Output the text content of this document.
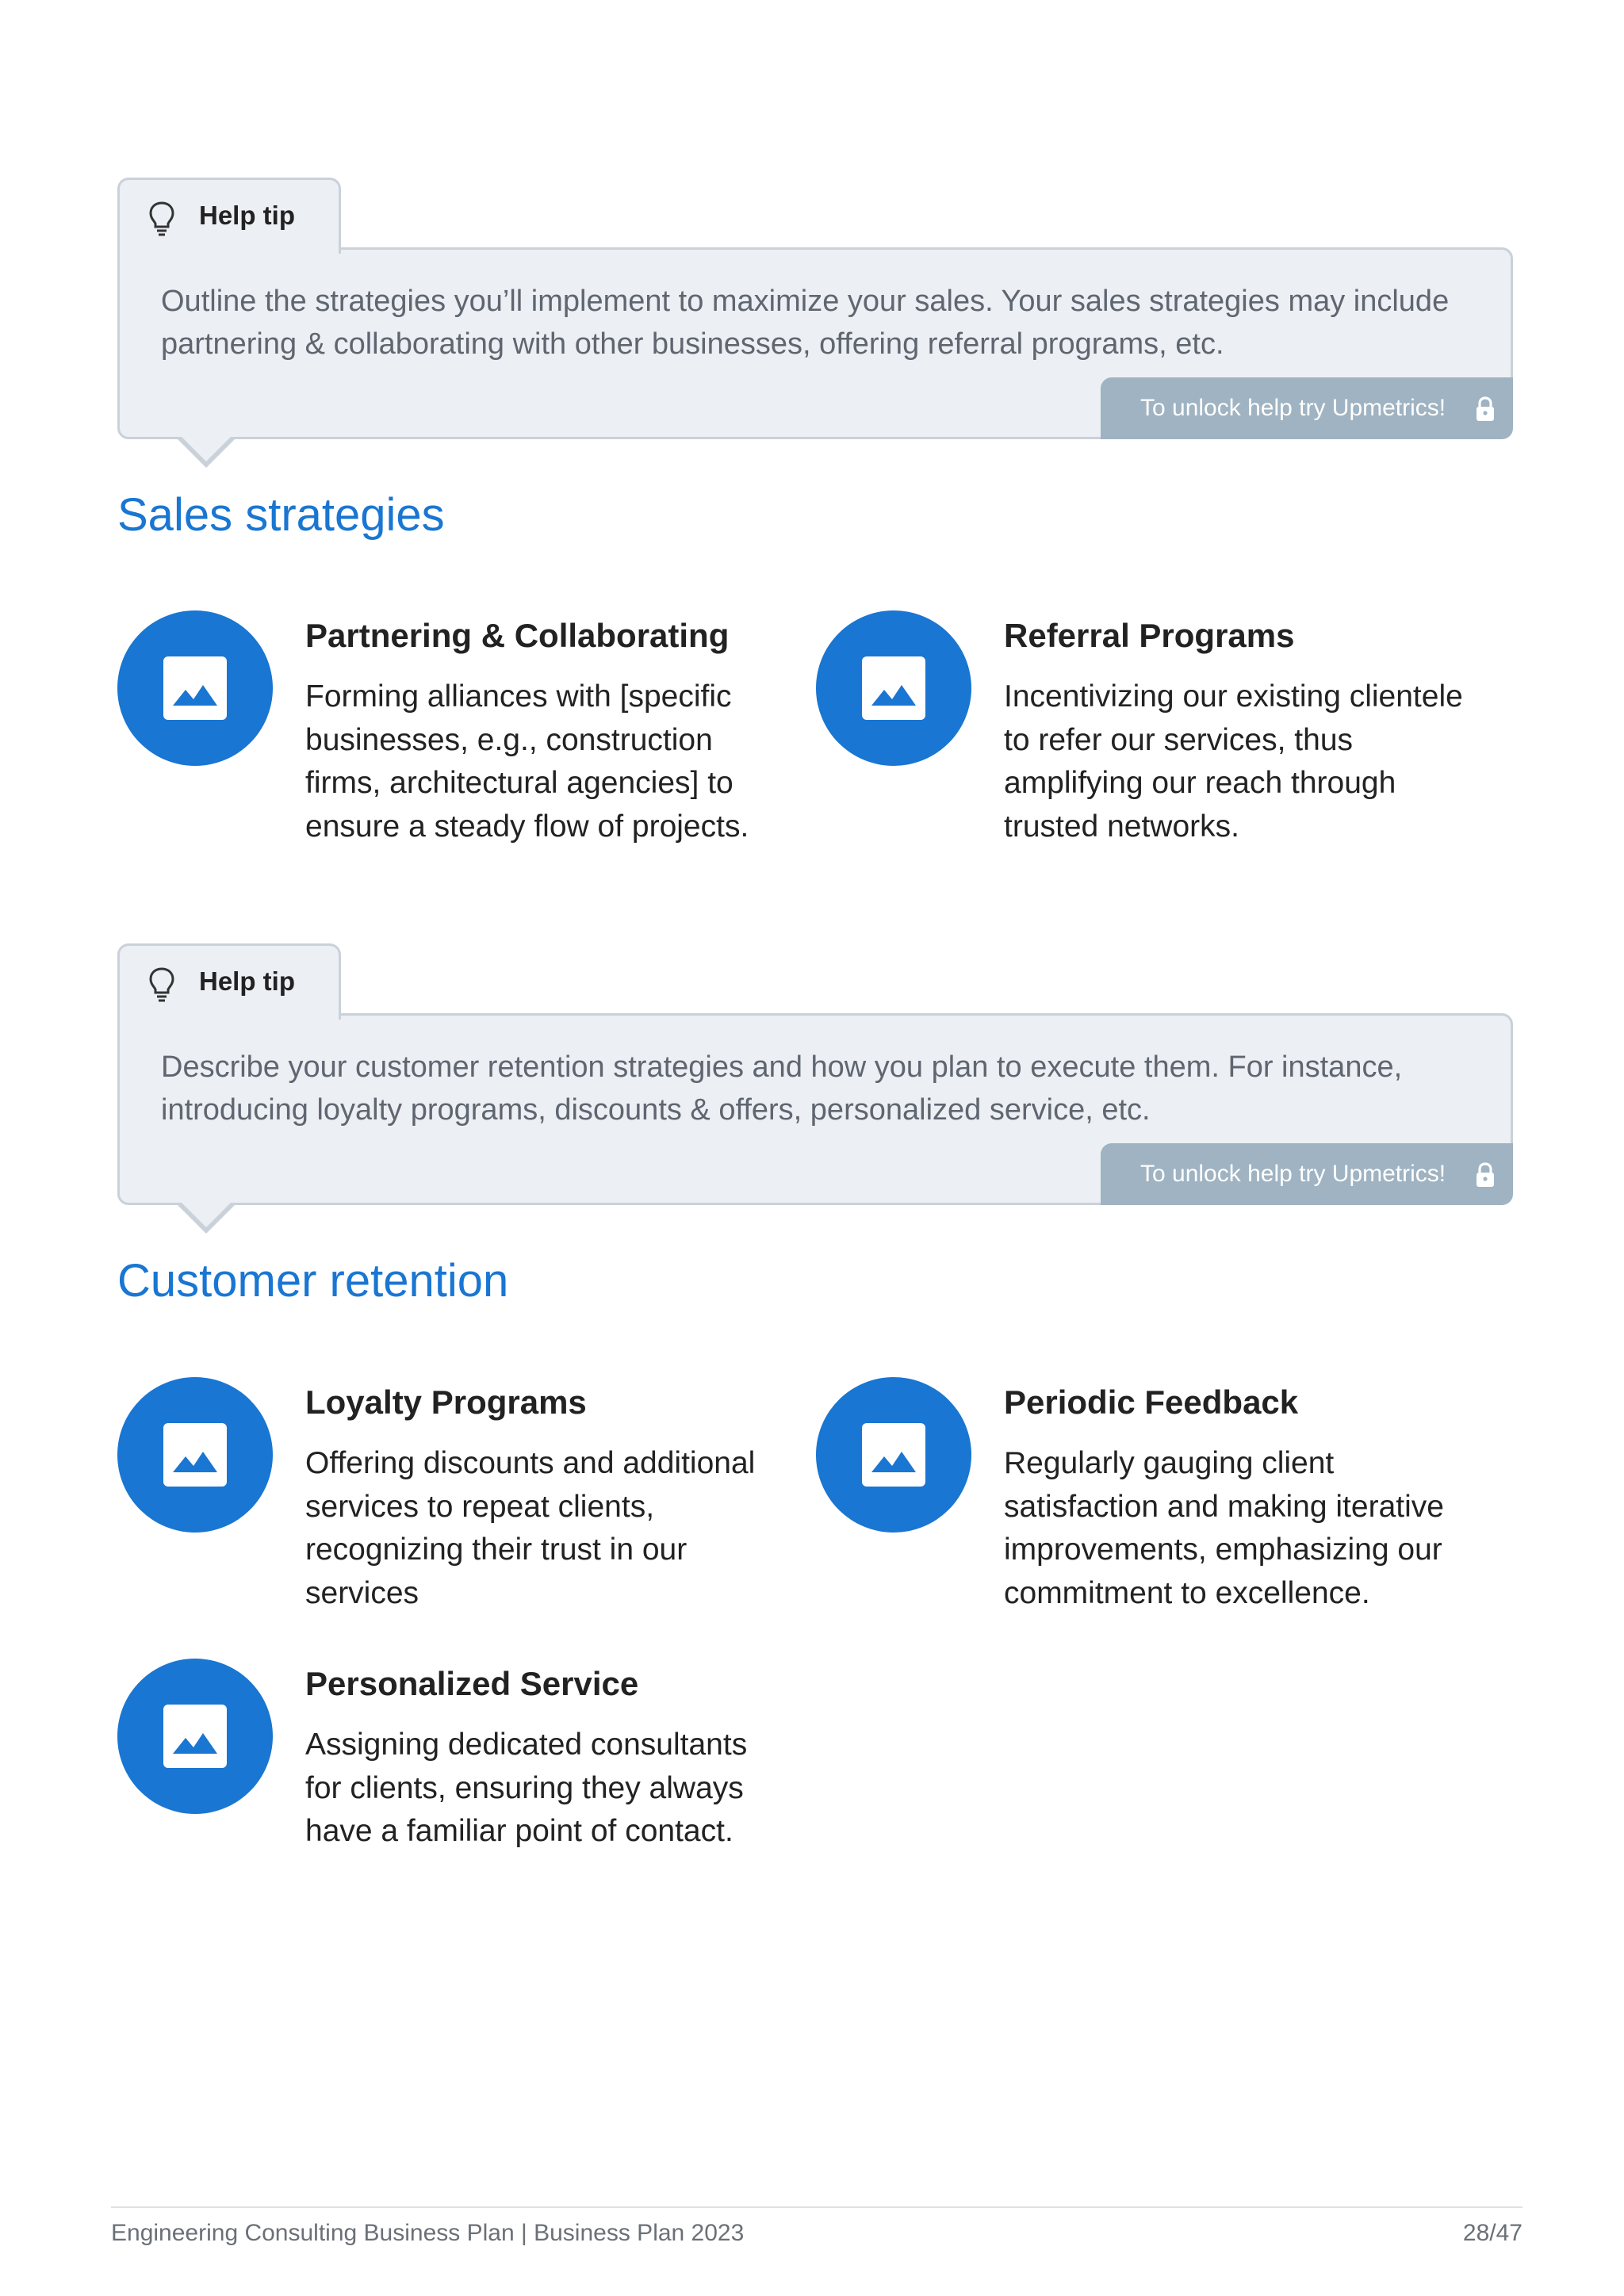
Help tip
Outline the strategies you’ll implement to maximize your sales. Your sales strategies may include partnering & collaborating with other businesses, offering referral programs, etc.
To unlock help try Upmetrics!
Sales strategies
Partnering & Collaborating
Forming alliances with [specific businesses, e.g., construction firms, architectural agencies] to ensure a steady flow of projects.
Referral Programs
Incentivizing our existing clientele to refer our services, thus amplifying our reach through trusted networks.
Help tip
Describe your customer retention strategies and how you plan to execute them. For instance, introducing loyalty programs, discounts & offers, personalized service, etc.
To unlock help try Upmetrics!
Customer retention
Loyalty Programs
Offering discounts and additional services to repeat clients, recognizing their trust in our services
Periodic Feedback
Regularly gauging client satisfaction and making iterative improvements, emphasizing our commitment to excellence.
Personalized Service
Assigning dedicated consultants for clients, ensuring they always have a familiar point of contact.
Engineering Consulting Business Plan | Business Plan 2023	28/47
